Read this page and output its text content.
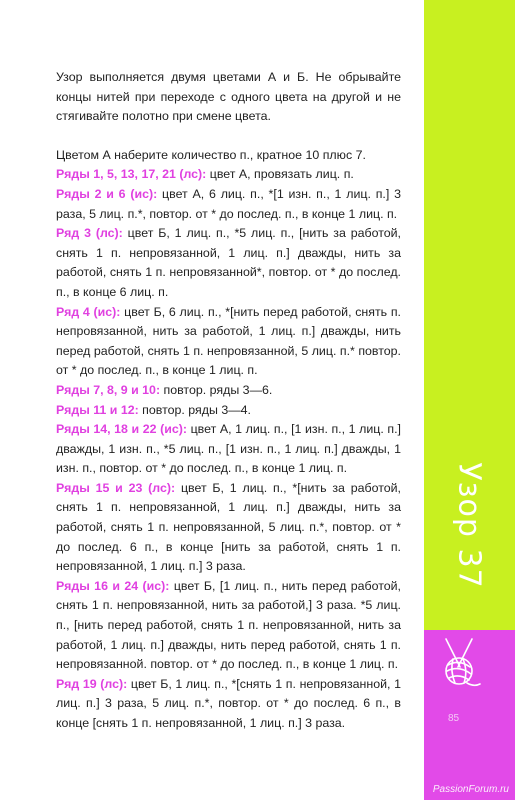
Узор 37
85
PassionForum.ru

Узор выполняется двумя цветами А и Б. Не обрывайте концы нитей при переходе с одного цвета на другой и не стягивайте полотно при смене цвета.

Цветом А наберите количество п., кратное 10 плюс 7.

Ряды 1, 5, 13, 17, 21 (лс): цвет А, провязать лиц. п.

Ряды 2 и 6 (ис): цвет А, 6 лиц. п., *[1 изн. п., 1 лиц. п.] 3 раза, 5 лиц. п.*, повтор. от * до послед. п., в конце 1 лиц. п.

Ряд 3 (лс): цвет Б, 1 лиц. п., *5 лиц. п., [нить за работой, снять 1 п. непровязанной, 1 лиц. п.] дважды, нить за работой, снять 1 п. непровязанной*, повтор. от * до послед. п., в конце 6 лиц. п.

Ряд 4 (ис): цвет Б, 6 лиц. п., *[нить перед работой, снять п. непровязанной, нить за работой, 1 лиц. п.] дважды, нить перед работой, снять 1 п. непровязанной, 5 лиц. п.* повтор. от * до послед. п., в конце 1 лиц. п.

Ряды 7, 8, 9 и 10: повтор. ряды 3—6.

Ряды 11 и 12: повтор. ряды 3—4.

Ряды 14, 18 и 22 (ис): цвет А, 1 лиц. п., [1 изн. п., 1 лиц. п.] дважды, 1 изн. п., *5 лиц. п., [1 изн. п., 1 лиц. п.] дважды, 1 изн. п., повтор. от * до послед. п., в конце 1 лиц. п.

Ряды 15 и 23 (лс): цвет Б, 1 лиц. п., *[нить за работой, снять 1 п. непровязанной, 1 лиц. п.] дважды, нить за работой, снять 1 п. непровязанной, 5 лиц. п.*, повтор. от * до послед. 6 п., в конце [нить за работой, снять 1 п. непровязанной, 1 лиц. п.] 3 раза.

Ряды 16 и 24 (ис): цвет Б, [1 лиц. п., нить перед работой, снять 1 п. непровязанной, нить за работой,] 3 раза. *5 лиц. п., [нить перед работой, снять 1 п. непровязанной, нить за работой, 1 лиц. п.] дважды, нить перед работой, снять 1 п. непровязанной. повтор. от * до послед. п., в конце 1 лиц. п.

Ряд 19 (лс): цвет Б, 1 лиц. п., *[снять 1 п. непровязанной, 1 лиц. п.] 3 раза, 5 лиц. п.*, повтор. от * до послед. 6 п., в конце [снять 1 п. непровязанной, 1 лиц. п.] 3 раза.
